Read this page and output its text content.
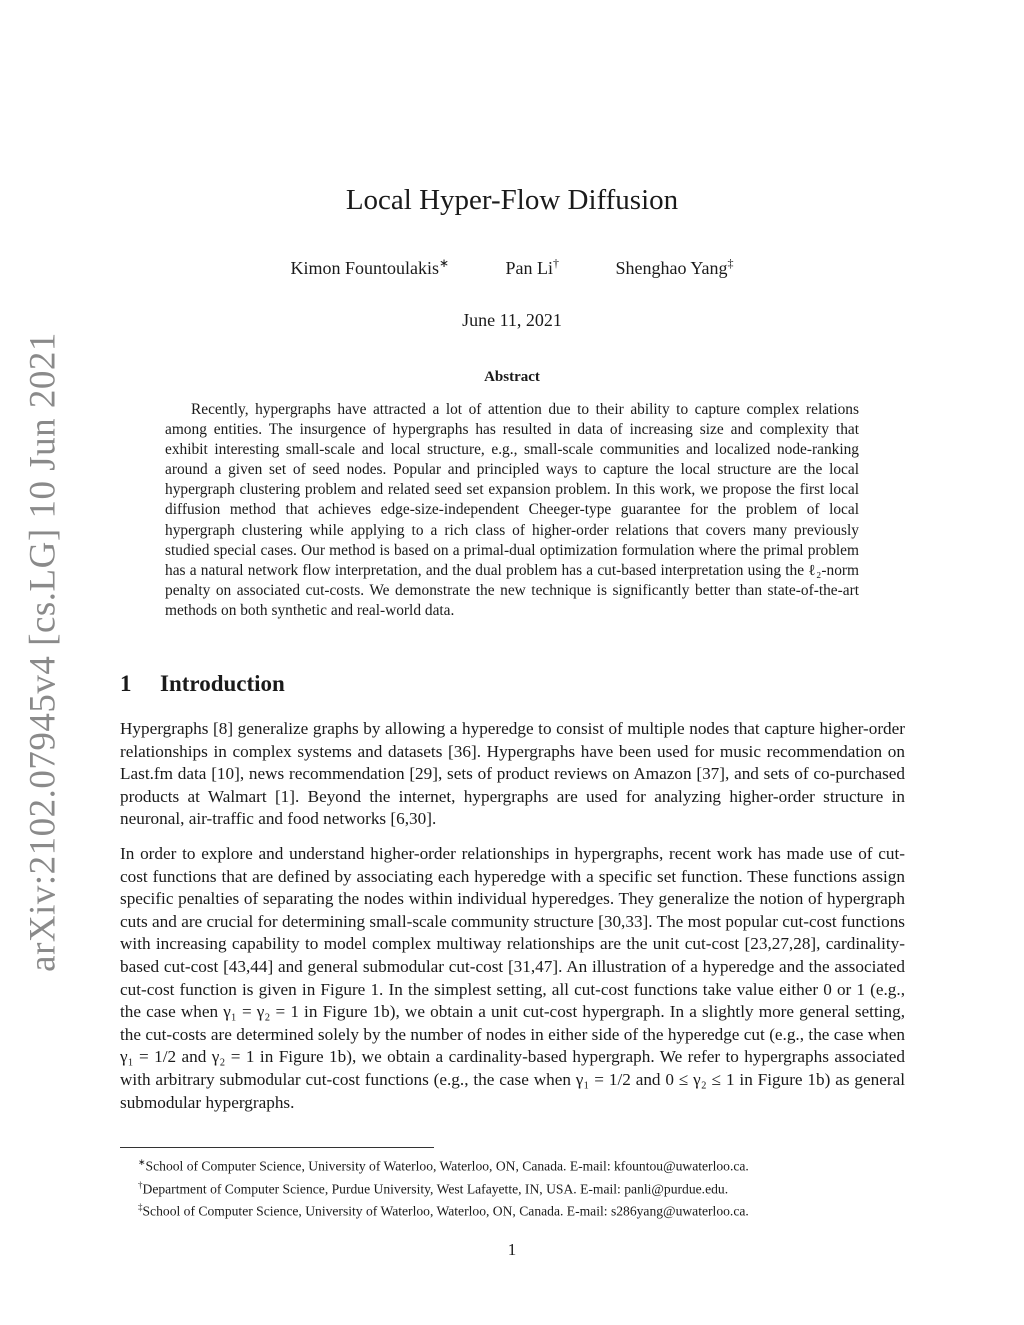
arXiv:2102.07945v4 [cs.LG] 10 Jun 2021
Local Hyper-Flow Diffusion
Kimon Fountoulakis∗	Pan Li†	Shenghao Yang‡
June 11, 2021
Abstract

Recently, hypergraphs have attracted a lot of attention due to their ability to capture complex relations among entities. The insurgence of hypergraphs has resulted in data of increasing size and complexity that exhibit interesting small-scale and local structure, e.g., small-scale communities and localized node-ranking around a given set of seed nodes. Popular and principled ways to capture the local structure are the local hypergraph clustering problem and related seed set expansion problem. In this work, we propose the first local diffusion method that achieves edge-size-independent Cheeger-type guarantee for the problem of local hypergraph clustering while applying to a rich class of higher-order relations that covers many previously studied special cases. Our method is based on a primal-dual optimization formulation where the primal problem has a natural network flow interpretation, and the dual problem has a cut-based interpretation using the ℓ₂-norm penalty on associated cut-costs. We demonstrate the new technique is significantly better than state-of-the-art methods on both synthetic and real-world data.

1 Introduction

Hypergraphs [8] generalize graphs by allowing a hyperedge to consist of multiple nodes that capture higher-order relationships in complex systems and datasets [36]. Hypergraphs have been used for music recommendation on Last.fm data [10], news recommendation [29], sets of product reviews on Amazon [37], and sets of co-purchased products at Walmart [1]. Beyond the internet, hypergraphs are used for analyzing higher-order structure in neuronal, air-traffic and food networks [6,30].

In order to explore and understand higher-order relationships in hypergraphs, recent work has made use of cut-cost functions that are defined by associating each hyperedge with a specific set function. These functions assign specific penalties of separating the nodes within individual hyperedges. They generalize the notion of hypergraph cuts and are crucial for determining small-scale community structure [30,33]. The most popular cut-cost functions with increasing capability to model complex multiway relationships are the unit cut-cost [23,27,28], cardinality-based cut-cost [43,44] and general submodular cut-cost [31,47]. An illustration of a hyperedge and the associated cut-cost function is given in Figure 1. In the simplest setting, all cut-cost functions take value either 0 or 1 (e.g., the case when γ₁ = γ₂ = 1 in Figure 1b), we obtain a unit cut-cost hypergraph. In a slightly more general setting, the cut-costs are determined solely by the number of nodes in either side of the hyperedge cut (e.g., the case when γ₁ = 1/2 and γ₂ = 1 in Figure 1b), we obtain a cardinality-based hypergraph. We refer to hypergraphs associated with arbitrary submodular cut-cost functions (e.g., the case when γ₁ = 1/2 and 0 ≤ γ₂ ≤ 1 in Figure 1b) as general submodular hypergraphs.

∗School of Computer Science, University of Waterloo, Waterloo, ON, Canada. E-mail: kfountou@uwaterloo.ca.

†Department of Computer Science, Purdue University, West Lafayette, IN, USA. E-mail: panli@purdue.edu.

‡School of Computer Science, University of Waterloo, Waterloo, ON, Canada. E-mail: s286yang@uwaterloo.ca.

1
